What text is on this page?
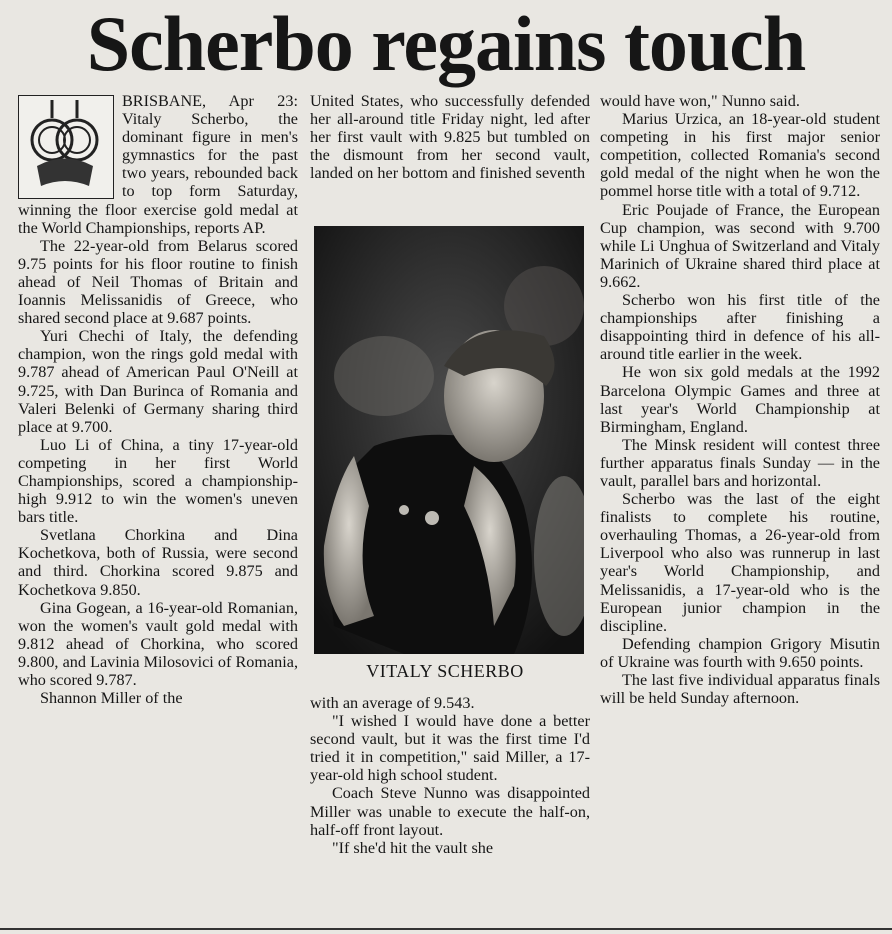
Scherbo regains touch

BRISBANE, Apr 23: Vitaly Scherbo, the dominant figure in men's gymnastics for the past two years, rebounded back to top form Saturday, winning the floor exercise gold medal at the World Championships, reports AP.

The 22-year-old from Belarus scored 9.75 points for his floor routine to finish ahead of Neil Thomas of Britain and Ioannis Melissanidis of Greece, who shared second place at 9.687 points.

Yuri Chechi of Italy, the defending champion, won the rings gold medal with 9.787 ahead of American Paul O'Neill at 9.725, with Dan Burinca of Romania and Valeri Belenki of Germany sharing third place at 9.700.

Luo Li of China, a tiny 17-year-old competing in her first World Championships, scored a championship-high 9.912 to win the women's uneven bars title.

Svetlana Chorkina and Dina Kochetkova, both of Russia, were second and third. Chorkina scored 9.875 and Kochetkova 9.850.

Gina Gogean, a 16-year-old Romanian, won the women's vault gold medal with 9.812 ahead of Chorkina, who scored 9.800, and Lavinia Milosovici of Romania, who scored 9.787.

Shannon Miller of the

United States, who successfully defended her all-around title Friday night, led after her first vault with 9.825 but tumbled on the dismount from her second vault, landed on her bottom and finished seventh

VITALY SCHERBO

with an average of 9.543.

"I wished I would have done a better second vault, but it was the first time I'd tried it in competition," said Miller, a 17-year-old high school student.

Coach Steve Nunno was disappointed Miller was unable to execute the half-on, half-off front layout.

"If she'd hit the vault she

would have won," Nunno said.

Marius Urzica, an 18-year-old student competing in his first major senior competition, collected Romania's second gold medal of the night when he won the pommel horse title with a total of 9.712.

Eric Poujade of France, the European Cup champion, was second with 9.700 while Li Unghua of Switzerland and Vitaly Marinich of Ukraine shared third place at 9.662.

Scherbo won his first title of the championships after finishing a disappointing third in defence of his all-around title earlier in the week.

He won six gold medals at the 1992 Barcelona Olympic Games and three at last year's World Championship at Birmingham, England.

The Minsk resident will contest three further apparatus finals Sunday — in the vault, parallel bars and horizontal.

Scherbo was the last of the eight finalists to complete his routine, overhauling Thomas, a 26-year-old from Liverpool who also was runnerup in last year's World Championship, and Melissanidis, a 17-year-old who is the European junior champion in the discipline.

Defending champion Grigory Misutin of Ukraine was fourth with 9.650 points.

The last five individual apparatus finals will be held Sunday afternoon.
